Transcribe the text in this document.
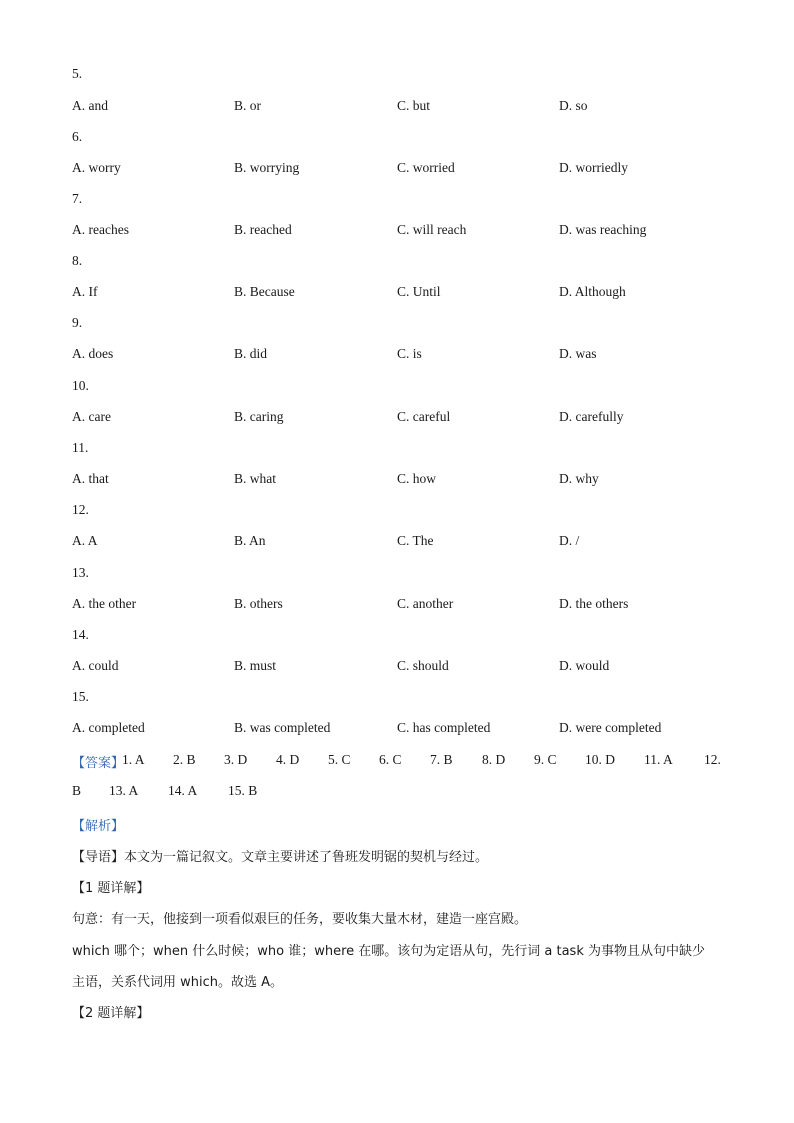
5.
A. and	B. or	C. but	D. so
6.
A. worry	B. worrying	C. worried	D. worriedly
7.
A. reaches	B. reached	C. will reach	D. was reaching
8.
A. If	B. Because	C. Until	D. Although
9.
A. does	B. did	C. is	D. was
10.
A. care	B. caring	C. careful	D. carefully
11.
A. that	B. what	C. how	D. why
12.
A. A	B. An	C. The	D. /
13.
A. the other	B. others	C. another	D. the others
14.
A. could	B. must	C. should	D. would
15.
A. completed	B. was completed	C. has completed	D. were completed
【答案】
1. A 2. B 3. D 4. D 5. C 6. C 7. B 8. D 9. C 10. D 11. A 12.
B 13. A 14. A 15. B
【解析】
【导语】本文为一篇记叙文。文章主要讲述了鲁班发明锯的契机与经过。
【1 题详解】
句意：有一天，他接到一项看似艰巨的任务，要收集大量木材，建造一座宫殿。
which 哪个；when 什么时候；who 谁；where 在哪。该句为定语从句，先行词 a task 为事物且从句中缺少
主语，关系代词用 which。故选 A。
【2 题详解】
